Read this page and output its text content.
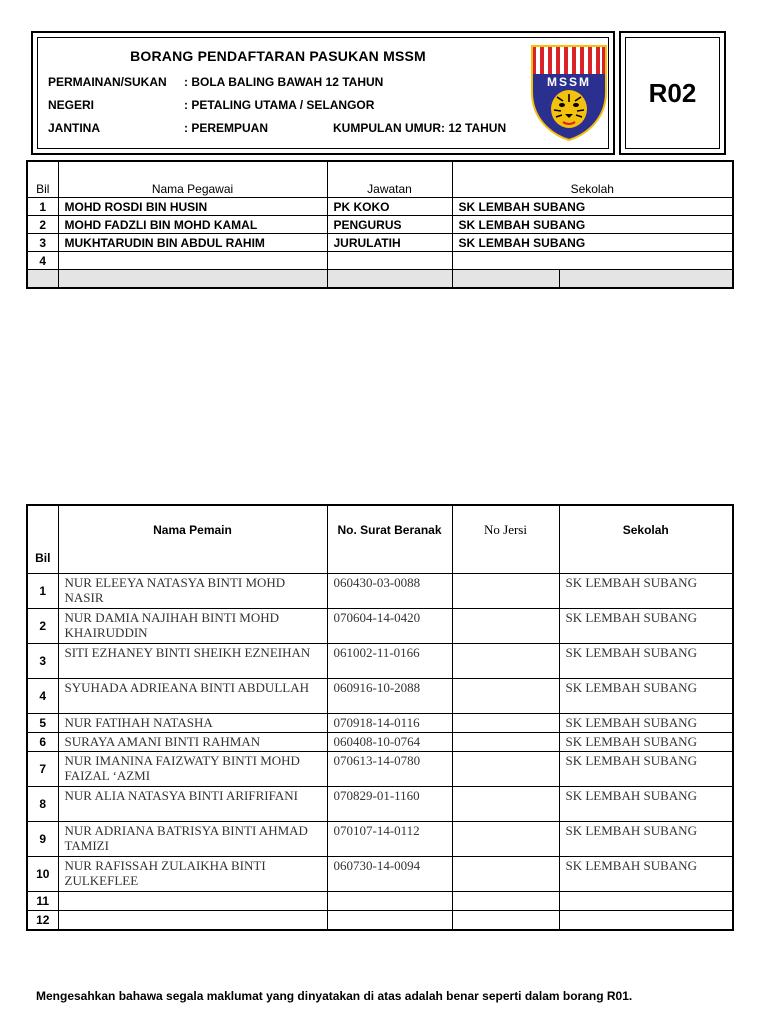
BORANG PENDAFTARAN PASUKAN MSSM
PERMAINAN/SUKAN : BOLA BALING BAWAH 12 TAHUN
NEGERI	: PETALING UTAMA / SELANGOR
JANTINA	: PEREMPUAN	KUMPULAN UMUR: 12 TAHUN
MSSM	R02
Bil	Nama Pegawai	Jawatan	Sekolah	
1	MOHD ROSDI BIN HUSIN	PK KOKO	SK LEMBAH SUBANG	
2	MOHD FADZLI BIN MOHD KAMAL	PENGURUS	SK LEMBAH SUBANG	
3	MUKHTARUDIN BIN ABDUL RAHIM	JURULATIH	SK LEMBAH SUBANG	
4				

Bil	Nama Pemain	No. Surat Beranak	No Jersi	Sekolah
1	NUR ELEEYA NATASYA BINTI MOHD NASIR	060430-03-0088		SK LEMBAH SUBANG
2	NUR DAMIA NAJIHAH BINTI MOHD KHAIRUDDIN	070604-14-0420		SK LEMBAH SUBANG
3	SITI EZHANEY BINTI SHEIKH EZNEIHAN	061002-11-0166		SK LEMBAH SUBANG
4	SYUHADA ADRIEANA BINTI ABDULLAH	060916-10-2088		SK LEMBAH SUBANG
5	NUR FATIHAH NATASHA	070918-14-0116		SK LEMBAH SUBANG
6	SURAYA AMANI BINTI RAHMAN	060408-10-0764		SK LEMBAH SUBANG
7	NUR IMANINA FAIZWATY BINTI MOHD FAIZAL ‘AZMI	070613-14-0780		SK LEMBAH SUBANG
8	NUR ALIA NATASYA BINTI ARIFRIFANI	070829-01-1160		SK LEMBAH SUBANG
9	NUR ADRIANA BATRISYA BINTI AHMAD TAMIZI	070107-14-0112		SK LEMBAH SUBANG
10	NUR RAFISSAH ZULAIKHA BINTI ZULKEFLEE	060730-14-0094		SK LEMBAH SUBANG
11				
12				
Mengesahkan bahawa segala maklumat yang dinyatakan di atas adalah benar seperti dalam borang R01.
